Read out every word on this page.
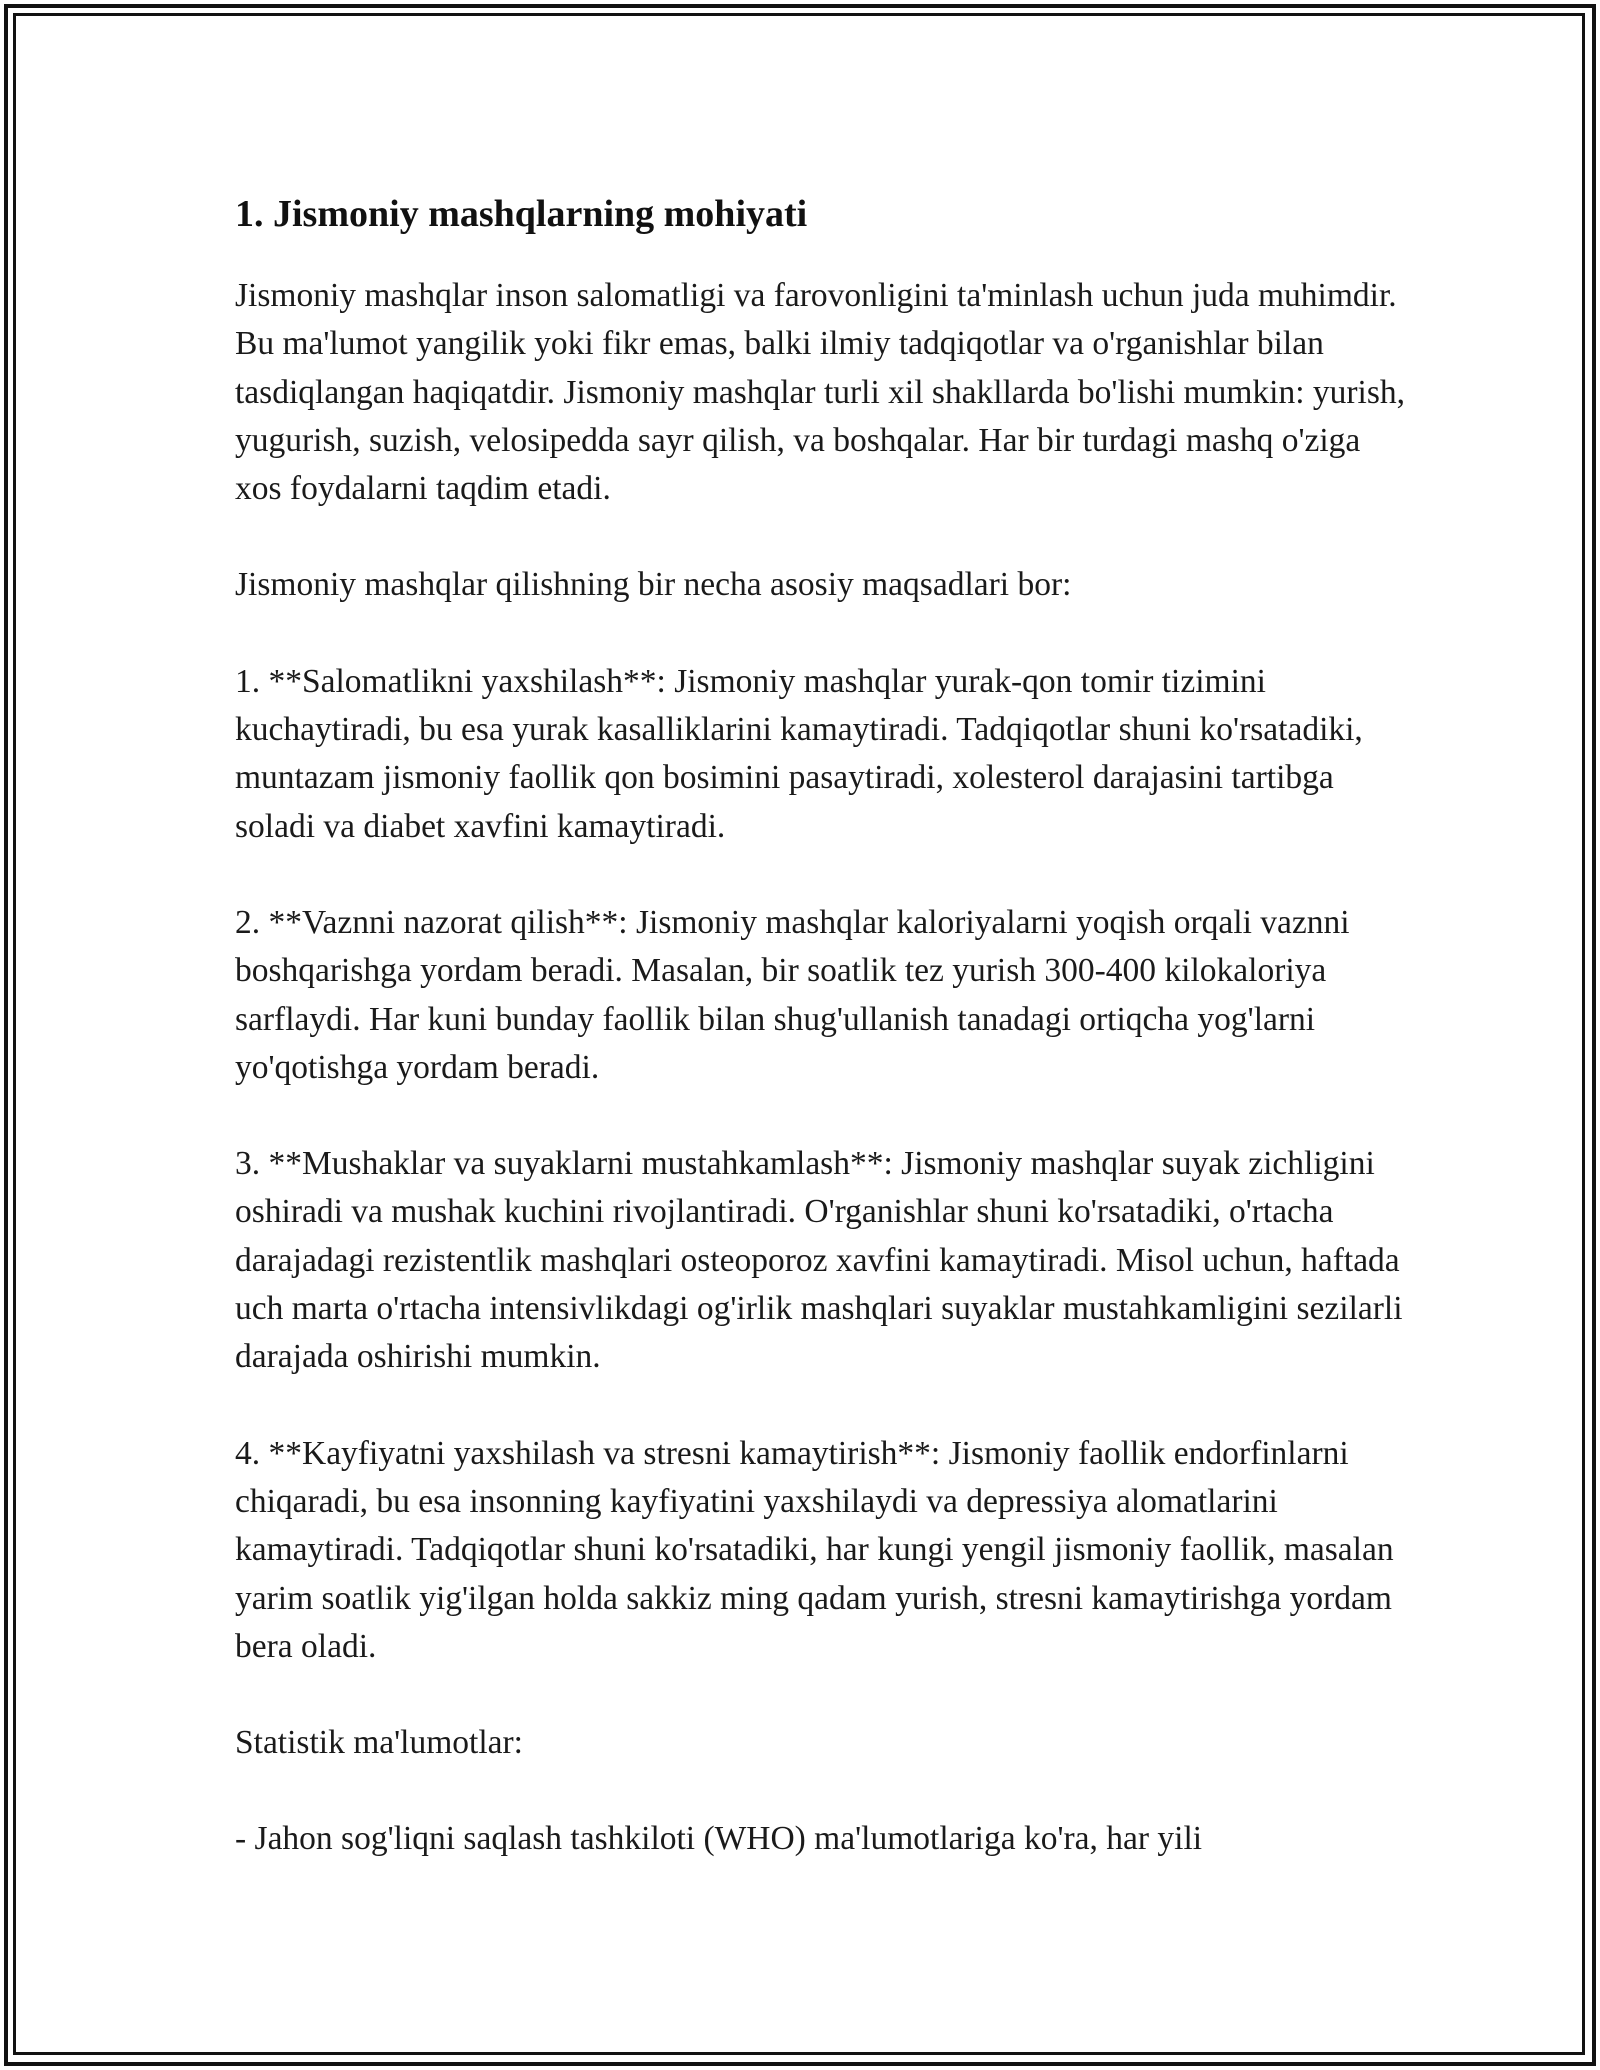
1. Jismoniy mashqlarning mohiyati

Jismoniy mashqlar inson salomatligi va farovonligini ta'minlash uchun juda muhimdir. Bu ma'lumot yangilik yoki fikr emas, balki ilmiy tadqiqotlar va o'rganishlar bilan tasdiqlangan haqiqatdir. Jismoniy mashqlar turli xil shakllarda bo'lishi mumkin: yurish, yugurish, suzish, velosipedda sayr qilish, va boshqalar. Har bir turdagi mashq o'ziga xos foydalarni taqdim etadi.

Jismoniy mashqlar qilishning bir necha asosiy maqsadlari bor:

1. **Salomatlikni yaxshilash**: Jismoniy mashqlar yurak-qon tomir tizimini kuchaytiradi, bu esa yurak kasalliklarini kamaytiradi. Tadqiqotlar shuni ko'rsatadiki, muntazam jismoniy faollik qon bosimini pasaytiradi, xolesterol darajasini tartibga soladi va diabet xavfini kamaytiradi.

2. **Vaznni nazorat qilish**: Jismoniy mashqlar kaloriyalarni yoqish orqali vaznni boshqarishga yordam beradi. Masalan, bir soatlik tez yurish 300-400 kilokaloriya sarflaydi. Har kuni bunday faollik bilan shug'ullanish tanadagi ortiqcha yog'larni yo'qotishga yordam beradi.

3. **Mushaklar va suyaklarni mustahkamlash**: Jismoniy mashqlar suyak zichligini oshiradi va mushak kuchini rivojlantiradi. O'rganishlar shuni ko'rsatadiki, o'rtacha darajadagi rezistentlik mashqlari osteoporoz xavfini kamaytiradi. Misol uchun, haftada uch marta o'rtacha intensivlikdagi og'irlik mashqlari suyaklar mustahkamligini sezilarli darajada oshirishi mumkin.

4. **Kayfiyatni yaxshilash va stresni kamaytirish**: Jismoniy faollik endorfinlarni chiqaradi, bu esa insonning kayfiyatini yaxshilaydi va depressiya alomatlarini kamaytiradi. Tadqiqotlar shuni ko'rsatadiki, har kungi yengil jismoniy faollik, masalan yarim soatlik yig'ilgan holda sakkiz ming qadam yurish, stresni kamaytirishga yordam bera oladi.

Statistik ma'lumotlar:

- Jahon sog'liqni saqlash tashkiloti (WHO) ma'lumotlariga ko'ra, har yili
